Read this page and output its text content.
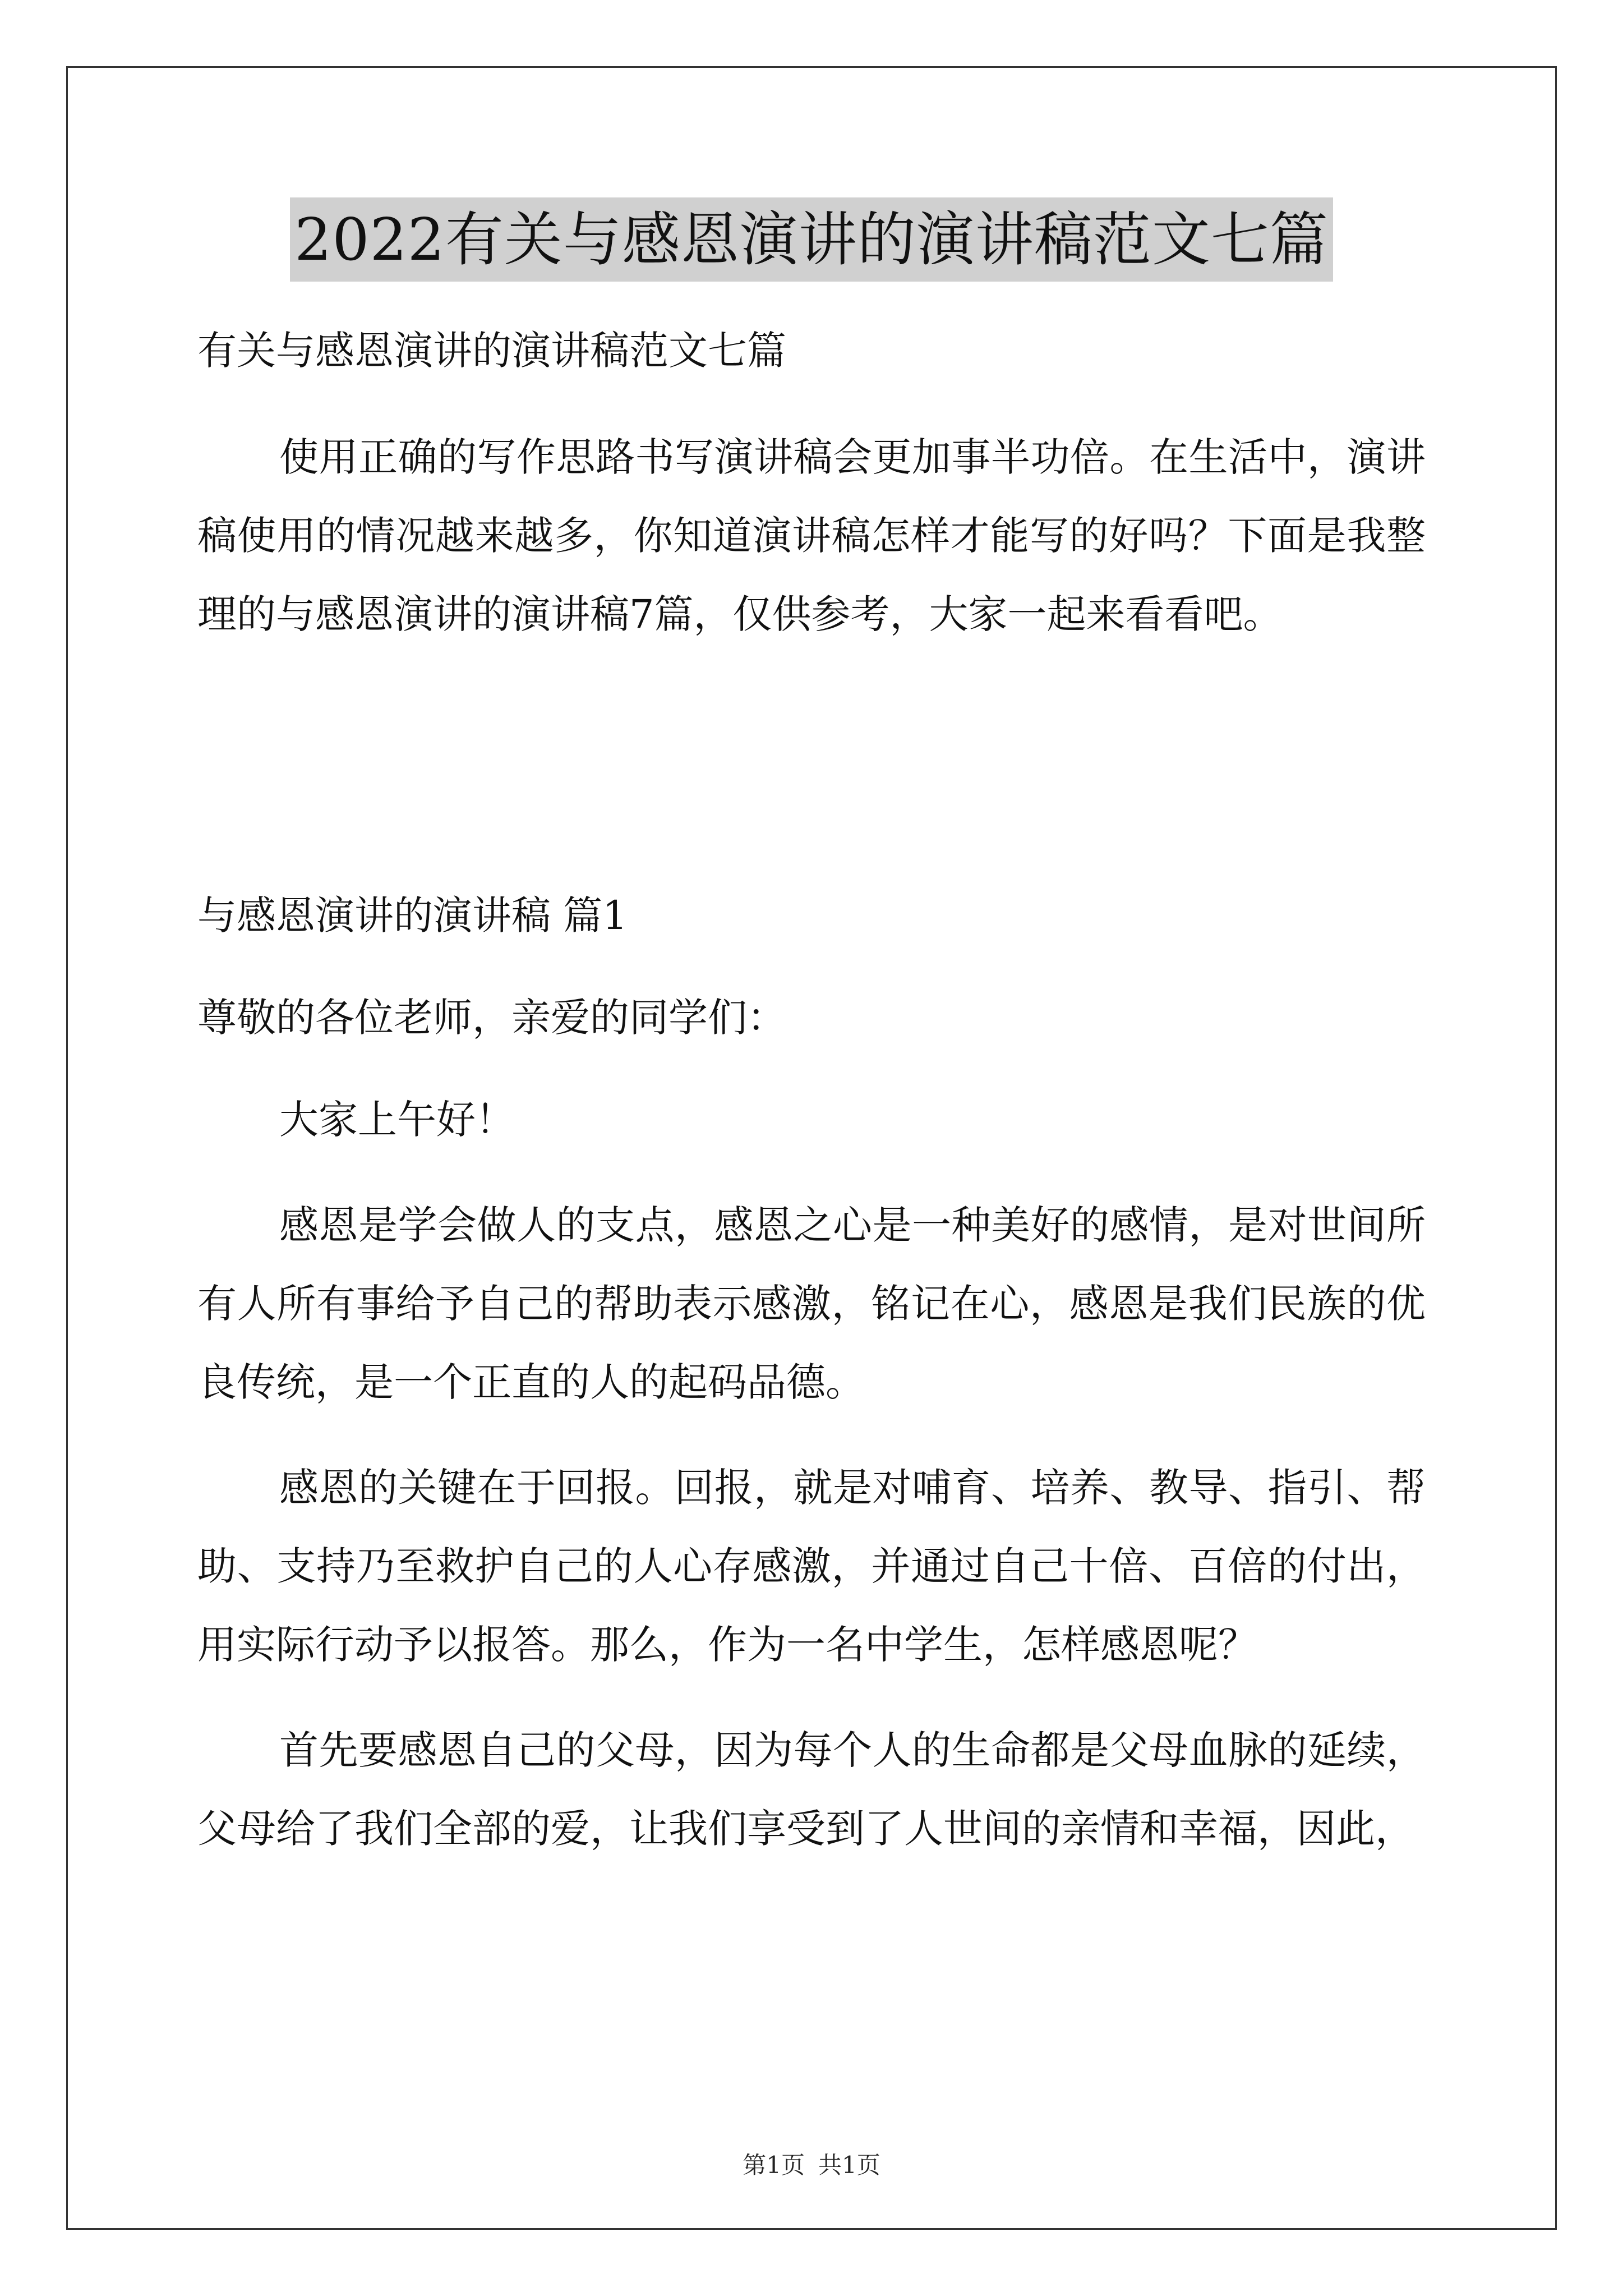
2022有关与感恩演讲的演讲稿范文七篇

有关与感恩演讲的演讲稿范文七篇

使用正确的写作思路书写演讲稿会更加事半功倍。在生活中，演讲稿使用的情况越来越多，你知道演讲稿怎样才能写的好吗？下面是我整理的与感恩演讲的演讲稿7篇，仅供参考，大家一起来看看吧。

与感恩演讲的演讲稿 篇1

尊敬的各位老师，亲爱的同学们：

大家上午好！

感恩是学会做人的支点，感恩之心是一种美好的感情，是对世间所有人所有事给予自己的帮助表示感激，铭记在心，感恩是我们民族的优良传统，是一个正直的人的起码品德。

感恩的关键在于回报。回报，就是对哺育、培养、教导、指引、帮助、支持乃至救护自己的人心存感激，并通过自己十倍、百倍的付出，用实际行动予以报答。那么，作为一名中学生，怎样感恩呢？

首先要感恩自己的父母，因为每个人的生命都是父母血脉的延续，父母给了我们全部的爱，让我们享受到了人世间的亲情和幸福，因此，

第1页 共1页
